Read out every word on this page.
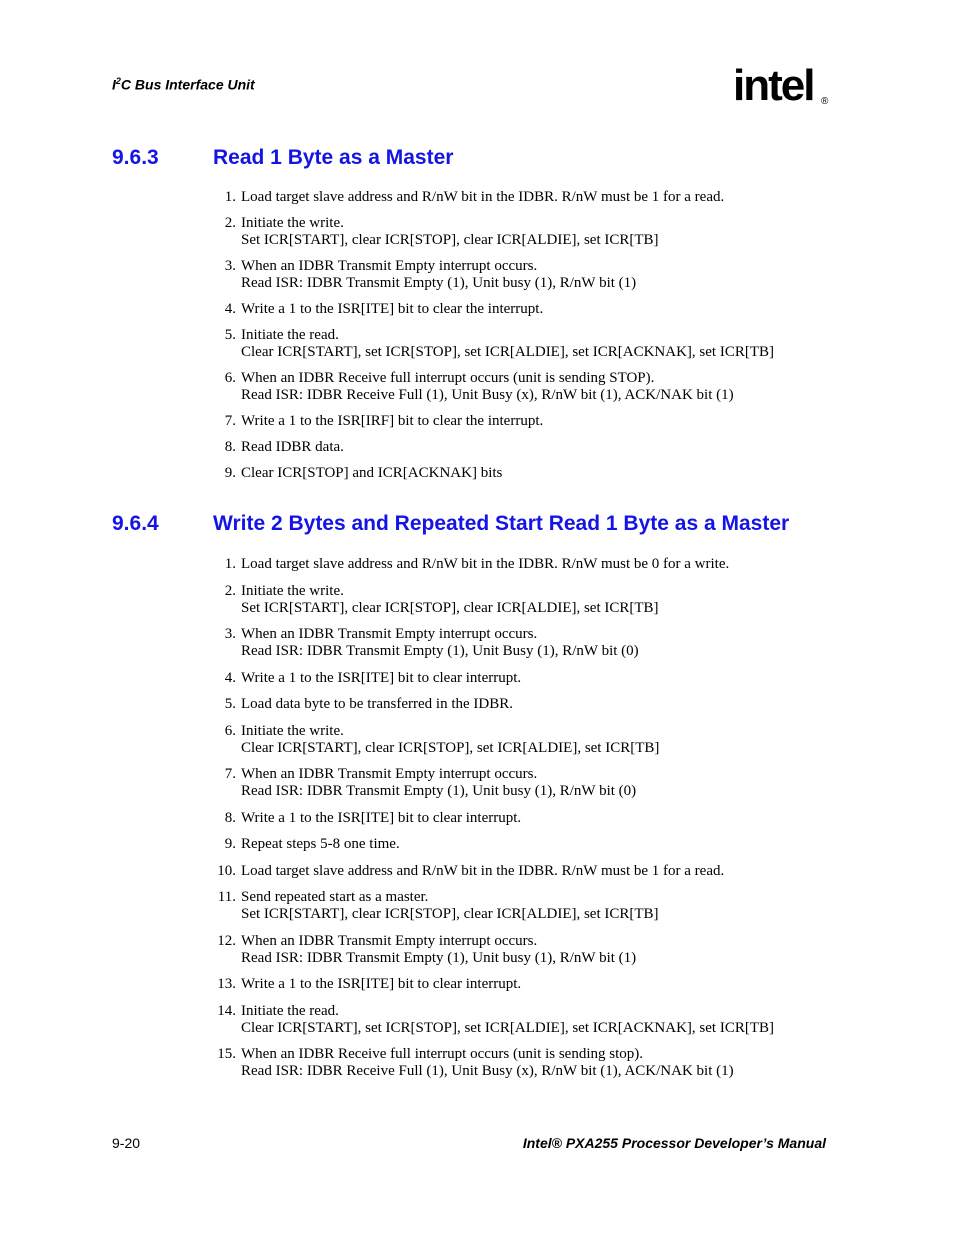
$I^2C$ Bus Interface Unit	intel ®
9.6.3	Read 1 Byte as a Master
1. Load target slave address and R/nW bit in the IDBR. R/nW must be 1 for a read.
2. Initiate the write.
Set ICR[START], clear ICR[STOP], clear ICR[ALDIE], set ICR[TB]
3. When an IDBR Transmit Empty interrupt occurs.
Read ISR: IDBR Transmit Empty (1), Unit busy (1), R/nW bit (1)
4. Write a 1 to the ISR[ITE] bit to clear the interrupt.
5. Initiate the read.
Clear ICR[START], set ICR[STOP], set ICR[ALDIE], set ICR[ACKNAK], set ICR[TB]
6. When an IDBR Receive full interrupt occurs (unit is sending STOP).
Read ISR: IDBR Receive Full (1), Unit Busy (x), R/nW bit (1), ACK/NAK bit (1)
7. Write a 1 to the ISR[IRF] bit to clear the interrupt.
8. Read IDBR data.
9. Clear ICR[STOP] and ICR[ACKNAK] bits
9.6.4	Write 2 Bytes and Repeated Start Read 1 Byte as a Master
1. Load target slave address and R/nW bit in the IDBR. R/nW must be 0 for a write.
2. Initiate the write.
Set ICR[START], clear ICR[STOP], clear ICR[ALDIE], set ICR[TB]
3. When an IDBR Transmit Empty interrupt occurs.
Read ISR: IDBR Transmit Empty (1), Unit Busy (1), R/nW bit (0)
4. Write a 1 to the ISR[ITE] bit to clear interrupt.
5. Load data byte to be transferred in the IDBR.
6. Initiate the write.
Clear ICR[START], clear ICR[STOP], set ICR[ALDIE], set ICR[TB]
7. When an IDBR Transmit Empty interrupt occurs.
Read ISR: IDBR Transmit Empty (1), Unit busy (1), R/nW bit (0)
8. Write a 1 to the ISR[ITE] bit to clear interrupt.
9. Repeat steps 5-8 one time.
10. Load target slave address and R/nW bit in the IDBR. R/nW must be 1 for a read.
11. Send repeated start as a master.
Set ICR[START], clear ICR[STOP], clear ICR[ALDIE], set ICR[TB]
12. When an IDBR Transmit Empty interrupt occurs.
Read ISR: IDBR Transmit Empty (1), Unit busy (1), R/nW bit (1)
13. Write a 1 to the ISR[ITE] bit to clear interrupt.
14. Initiate the read.
Clear ICR[START], set ICR[STOP], set ICR[ALDIE], set ICR[ACKNAK], set ICR[TB]
15. When an IDBR Receive full interrupt occurs (unit is sending stop).
Read ISR: IDBR Receive Full (1), Unit Busy (x), R/nW bit (1), ACK/NAK bit (1)
9-20	Intel® PXA255 Processor Developer’s Manual
